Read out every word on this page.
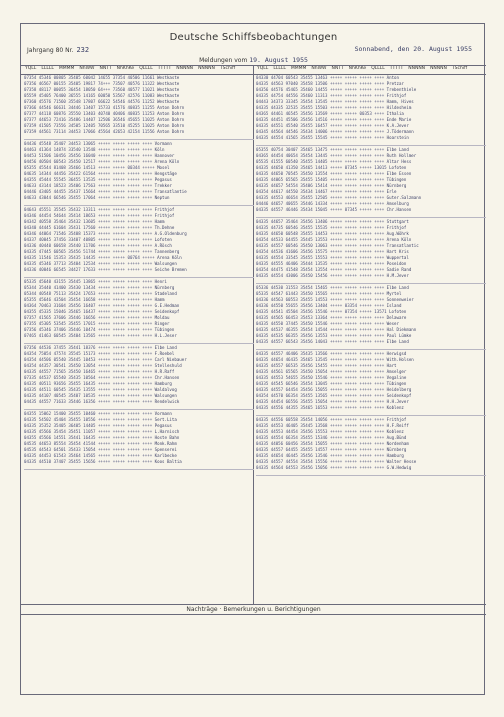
Deutsche Schiffsbeobachtungen
Jahrgang 80 Nr. 232	Sonnabend, den 20. August 1955
Meldungen vom 19. August 1955
YQLL LLLLL MMMM NhWW NNTT NhKhKe QLLLL TTTTT NNNNN NNNNN TSchiff	YQLL LLLLL MMMM NhWW NNTT NhKhKe QLLLL TTTTT NNNNN NNNNN TSchiff
07354 45346 00805 35405 60042 14655 37354 40506 11661 Westkaste
07356 46567 00155 35405 19817 74+++ 73507 40576 11322 Westkaste
07358 48117 00055 36454 18050 64+++ 73560 40577 11021 Westkaste
05559 45405 76400 36555 14165 60050 53567 42576 11083 Westkaste
07360 45576 71560 35548 17807 66622 54546 44576 11252 Westkaste
07366 44546 66631 34446 13407 15733 41576 40835 11255 Anton Dohrn
07377 44118 60876 35550 13403 40740 40406 40835 11253 Anton Dohrn
07377 44653 72416 35486 14407 12506 36546 45655 11025 Anton Dohrn
07359 41505 73556 34505 12405 70565 33510 45255 11025 Anton Dohrn
07359 44561 73114 34453 17066 45564 42653 42154 11556 Anton Dohrn
04436 45548 35407 34453 13065 +++++ +++++ +++++ ++++ Vormann
04463 41364 14874 33540 13548 +++++ +++++ +++++ ++++ Köln
04453 51506 10456 35456 16040 +++++ +++++ +++++ ++++ Hannover
04456 40504 60543 35450 12517 +++++ +++++ +++++ ++++ Arena Köln
05355 45544 81408 35466 14513 +++++ +++++ 00344 +++++ Mosel
04635 14344 44456 35422 61564 +++++ +++++ +++++ ++++ Hengstäge
04355 45444 55545 36455 13535 +++++ +++++ +++++ ++++ Pegasus
04633 43144 18523 35406 17563 +++++ +++++ +++++ ++++ Trekker
04446 43405 44455 35437 15664 +++++ +++++ +++++ ++++ Transatlantie
04633 43044 66546 35455 17064 +++++ +++++ +++++ ++++ Neptun
04643 45551 35545 35432 13311 +++++ +++++ +++++ ++++ Frithjof
04346 44454 54644 35414 18653 +++++ +++++ +++++ ++++ Frithjof
04342 40558 35464 35432 13605 +++++ +++++ +++++ ++++ Hamm
04340 44445 61604 35431 17560 +++++ +++++ +++++ ++++ Th.Dehne
04346 44064 71546 35408 15373 +++++ +++++ +++++ ++++ A.G.Oldenburg
04337 40045 37456 33407 40805 +++++ +++++ +++++ ++++ Lofoten
04336 40440 60658 35440 11706 +++++ +++++ +++++ ++++ A.Rösch
04335 47445 60565 35456 51744 +++++ +++++ +++++ ++++ Tannenberg
04335 11546 15353 35435 14435 +++++ +++++ 00764 +++++ Arena Köln
04335 45346 37713 35404 12534 +++++ +++++ +++++ ++++ Walsungen
04336 40046 66545 34427 17633 +++++ +++++ +++++ ++++ Seiche Bremen
05335 45640 43155 35445 13865 +++++ +++++ +++++ ++++ Henri
05344 35440 41400 35430 13434 +++++ +++++ +++++ ++++ Nürnberg
05344 40548 75113 35424 17653 +++++ +++++ +++++ ++++ Stadeland
05355 45646 43504 35454 16658 +++++ +++++ +++++ ++++ Hamm
04364 70463 31604 35456 16407 +++++ +++++ +++++ ++++ G.E.Hedman
04355 45335 15046 35465 16437 +++++ +++++ +++++ ++++ Seidenkopf
07357 41565 37606 35446 16656 +++++ +++++ +++++ ++++ Moldau
07355 45305 53545 35455 17015 +++++ +++++ +++++ ++++ Ringer
07356 45346 37406 35446 10474 +++++ +++++ +++++ ++++ Tübingen
07465 41463 60545 35404 13565 +++++ +++++ +++++ ++++ H.L.Jeser
07356 44536 37455 35441 18376 +++++ +++++ +++++ ++++ Elbe Land
04354 75054 47574 35545 15173 +++++ +++++ +++++ ++++ F.Roebel
04354 44506 05540 35445 10453 +++++ +++++ +++++ ++++ Carl Niebauer
04354 44357 30541 35450 13054 +++++ +++++ +++++ ++++ Stelleshuld
04335 44557 71565 35450 16465 +++++ +++++ +++++ ++++ H.R.Raff
07335 44537 65540 35435 10564 +++++ +++++ +++++ ++++ Chr.Hansen
04335 40511 93656 35455 16435 +++++ +++++ +++++ ++++ Hamburg
04335 44511 60545 35435 13555 +++++ +++++ +++++ ++++ Waldalvog
04335 44107 40545 35407 10535 +++++ +++++ +++++ ++++ Walsungen
04435 44557 71633 35446 16356 +++++ +++++ +++++ ++++ Rendelwick
04355 15062 15400 35455 10460 +++++ +++++ +++++ ++++ Vormann
04335 54502 45404 35455 10556 +++++ +++++ +++++ ++++ Sert.Lita
04335 35352 35405 36405 14405 +++++ +++++ +++++ ++++ Pegasus
04335 45566 35454 35451 11057 +++++ +++++ +++++ ++++ L.Harnisch
04355 45566 14551 35441 16435 +++++ +++++ +++++ ++++ Hoste Bahn
04535 44653 85554 35454 41544 +++++ +++++ +++++ ++++ Monk.Rahm
04535 44543 64501 35433 15054 +++++ +++++ +++++ ++++ Spenserei
04335 44453 61543 35464 14565 +++++ +++++ +++++ ++++ Karlbecke
04335 44510 37407 35455 15656 +++++ +++++ +++++ ++++ Koos Baltia
04330 44704 60543 35455 13463 +++++ +++++ +++++ ++++ Anton
04335 44563 97040 35458 13506 +++++ +++++ +++++ ++++ Pretzar
04356 44576 45465 35460 14455 +++++ +++++ +++++ ++++ Trebenthiele
04335 44754 44556 35460 11313 +++++ +++++ +++++ ++++ Frithjof
04443 34373 33345 35454 13545 +++++ +++++ +++++ ++++ Hamm, Hives
04335 44335 32535 35455 15503 +++++ +++++ +++++ ++++ Hildesheim
04365 44461 46545 35456 13569 +++++ +++++ 00353 ++++ Ithalia
04335 44451 45506 35456 14516 +++++ +++++ +++++ ++++ Ende Marie
04335 44551 45540 35455 16457 +++++ +++++ +++++ ++++ K.A.Jever
04345 44564 44546 35434 14006 +++++ +++++ +++++ ++++ J.Tödermann
04335 44554 41565 35455 15545 +++++ +++++ +++++ ++++ Hoarstein
05355 40754 30407 35465 13475 +++++ +++++ +++++ ++++ Elbe Land
04365 44454 40654 35454 13445 +++++ +++++ +++++ ++++ Ruth Hollmer
05535 41555 60540 35455 14405 +++++ +++++ +++++ ++++ Altar Hess
04335 44650 41350 35465 14413 +++++ 07345 +++++ 13015 Lofoten
04335 44650 70545 35450 13554 +++++ +++++ +++++ ++++ Elbe Essen
04335 44065 65565 35455 15405 +++++ +++++ +++++ ++++ Tübingen
04335 44657 54554 35406 15414 +++++ +++++ +++++ ++++ Nürnberg
04354 44617 44550 35434 14467 +++++ +++++ +++++ ++++ Erle
04335 44553 46654 35455 12505 +++++ +++++ +++++ ++++ Guter.Salzmann
04446 44657 40655 35446 14334 +++++ +++++ +++++ ++++ Amselburg
04335 44557 46446 35434 15045 +++++ 07345 +++++ ++++ Chr.Hansen
04335 44657 35464 35456 13406 +++++ +++++ +++++ ++++ Stuttgart
04335 44735 60546 35455 15535 +++++ +++++ +++++ ++++ Frithjof
04335 44650 60548 35455 14453 +++++ +++++ +++++ ++++ Aug.Wöhrk
04354 44533 64455 35445 13553 +++++ +++++ +++++ ++++ Arena Köln
04335 44557 60546 35450 13063 +++++ +++++ +++++ ++++ Transatlantic
04354 44536 41606 35456 15575 +++++ +++++ +++++ ++++ Hart Kris
04335 44554 33545 35455 15553 +++++ +++++ +++++ ++++ Wuppertal
04335 44555 46406 35444 13535 +++++ +++++ +++++ ++++ Poseidon
04354 44475 41548 35454 13554 +++++ +++++ +++++ ++++ Sadie Rand
04335 44554 43006 35450 15456 +++++ +++++ +++++ ++++ H.M.Jever
05336 44530 31553 35454 15465 +++++ +++++ +++++ ++++ Elbe Land
05335 44547 61443 35450 15565 +++++ +++++ +++++ ++++ Myrtel
04336 44563 60553 35455 14553 +++++ +++++ +++++ ++++ Sonnenweier
04336 44550 55655 35456 13404 +++++ 03354 +++++ ++++ Island
04335 44541 45504 35456 15546 +++++ 07354 +++++ 13571 Lofoten
04335 44565 66453 35453 13364 +++++ +++++ +++++ ++++ Delaware
04335 44550 37445 35450 15546 +++++ +++++ +++++ ++++ Weser
04335 44537 46355 35454 14544 +++++ +++++ +++++ ++++ Hal Diekmann
04335 44535 66355 35456 13553 +++++ +++++ +++++ ++++ Paul Lümke
04335 44557 66543 35456 14043 +++++ +++++ +++++ ++++ Elbe Land
04335 44557 46406 35435 13566 +++++ +++++ +++++ ++++ Herwigsd
04335 44654 46435 35465 13545 +++++ +++++ +++++ ++++ With.Holsen
04335 44557 66535 35456 15455 +++++ +++++ +++++ ++++ Hart
04335 44561 65565 35450 15054 +++++ +++++ +++++ ++++ Amselger
04335 44553 54655 35450 15546 +++++ +++++ +++++ ++++ Vegaline
04335 44545 66546 35454 13045 +++++ +++++ +++++ ++++ Tübingen
04335 44557 64454 35456 15055 +++++ +++++ +++++ ++++ Heidelberg
04354 44570 66354 35455 13565 +++++ +++++ +++++ ++++ Seidenkopf
04335 44454 66556 35455 15054 +++++ +++++ +++++ ++++ H.H.Jever
04335 44556 44355 35465 16553 +++++ +++++ +++++ ++++ Koblenz
04335 44556 60558 35454 14056 +++++ +++++ +++++ ++++ Frithjof
04335 44553 46405 35445 13568 +++++ +++++ +++++ ++++ H.F.Reiff
04335 44553 44454 35456 15553 +++++ +++++ +++++ ++++ Koblenz
04335 44554 66354 35455 15346 +++++ +++++ +++++ ++++ Aug.Bünd
04335 44056 60456 35454 15055 +++++ +++++ +++++ ++++ Nordenham
04335 44557 64455 35455 14557 +++++ +++++ +++++ ++++ Nürnberg
04335 44654 46445 35456 13546 +++++ +++++ +++++ ++++ Hamburg
04335 44557 44554 35454 15556 +++++ +++++ +++++ ++++ Walter Hesse
04335 44564 64553 35456 15056 +++++ +++++ +++++ ++++ G.W.Hedwig
Nachträge · Bemerkungen u. Berichtigungen
